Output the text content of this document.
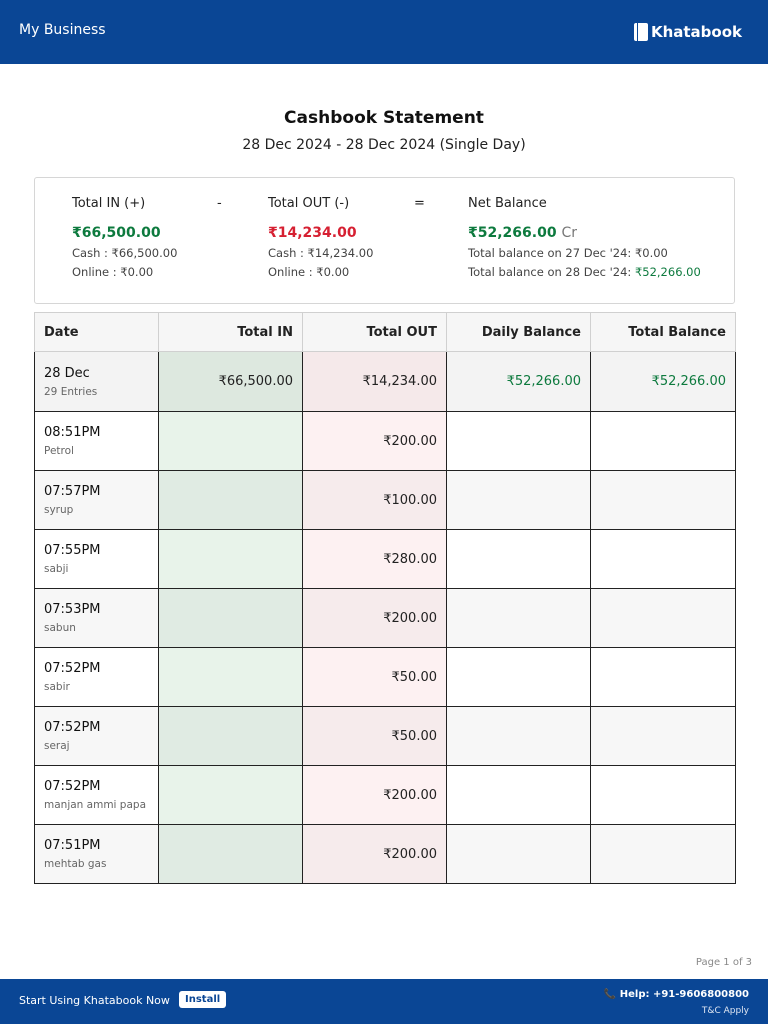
My Business	Khatabook
Cashbook Statement
28 Dec 2024 - 28 Dec 2024 (Single Day)
Total IN (+)
₹66,500.00
Cash : ₹66,500.00
Online : ₹0.00
-	Total OUT (-)
₹14,234.00
Cash : ₹14,234.00
Online : ₹0.00
=	Net Balance
₹52,266.00 Cr
Total balance on 27 Dec '24: ₹0.00
Total balance on 28 Dec '24: ₹52,266.00
Date	Total IN	Total OUT	Daily Balance	Total Balance

28 Dec
29 Entries	₹66,500.00	₹14,234.00	₹52,266.00	₹52,266.00

08:51PM
Petrol		₹200.00		

07:57PM
syrup		₹100.00		

07:55PM
sabji		₹280.00		

07:53PM
sabun		₹200.00		

07:52PM
sabir		₹50.00		

07:52PM
seraj		₹50.00		

07:52PM
manjan ammi papa		₹200.00		

07:51PM
mehtab gas		₹200.00		
Page 1 of 3
Start Using Khatabook Now	Install	📞 Help: +91-9606800800
T&C Apply
